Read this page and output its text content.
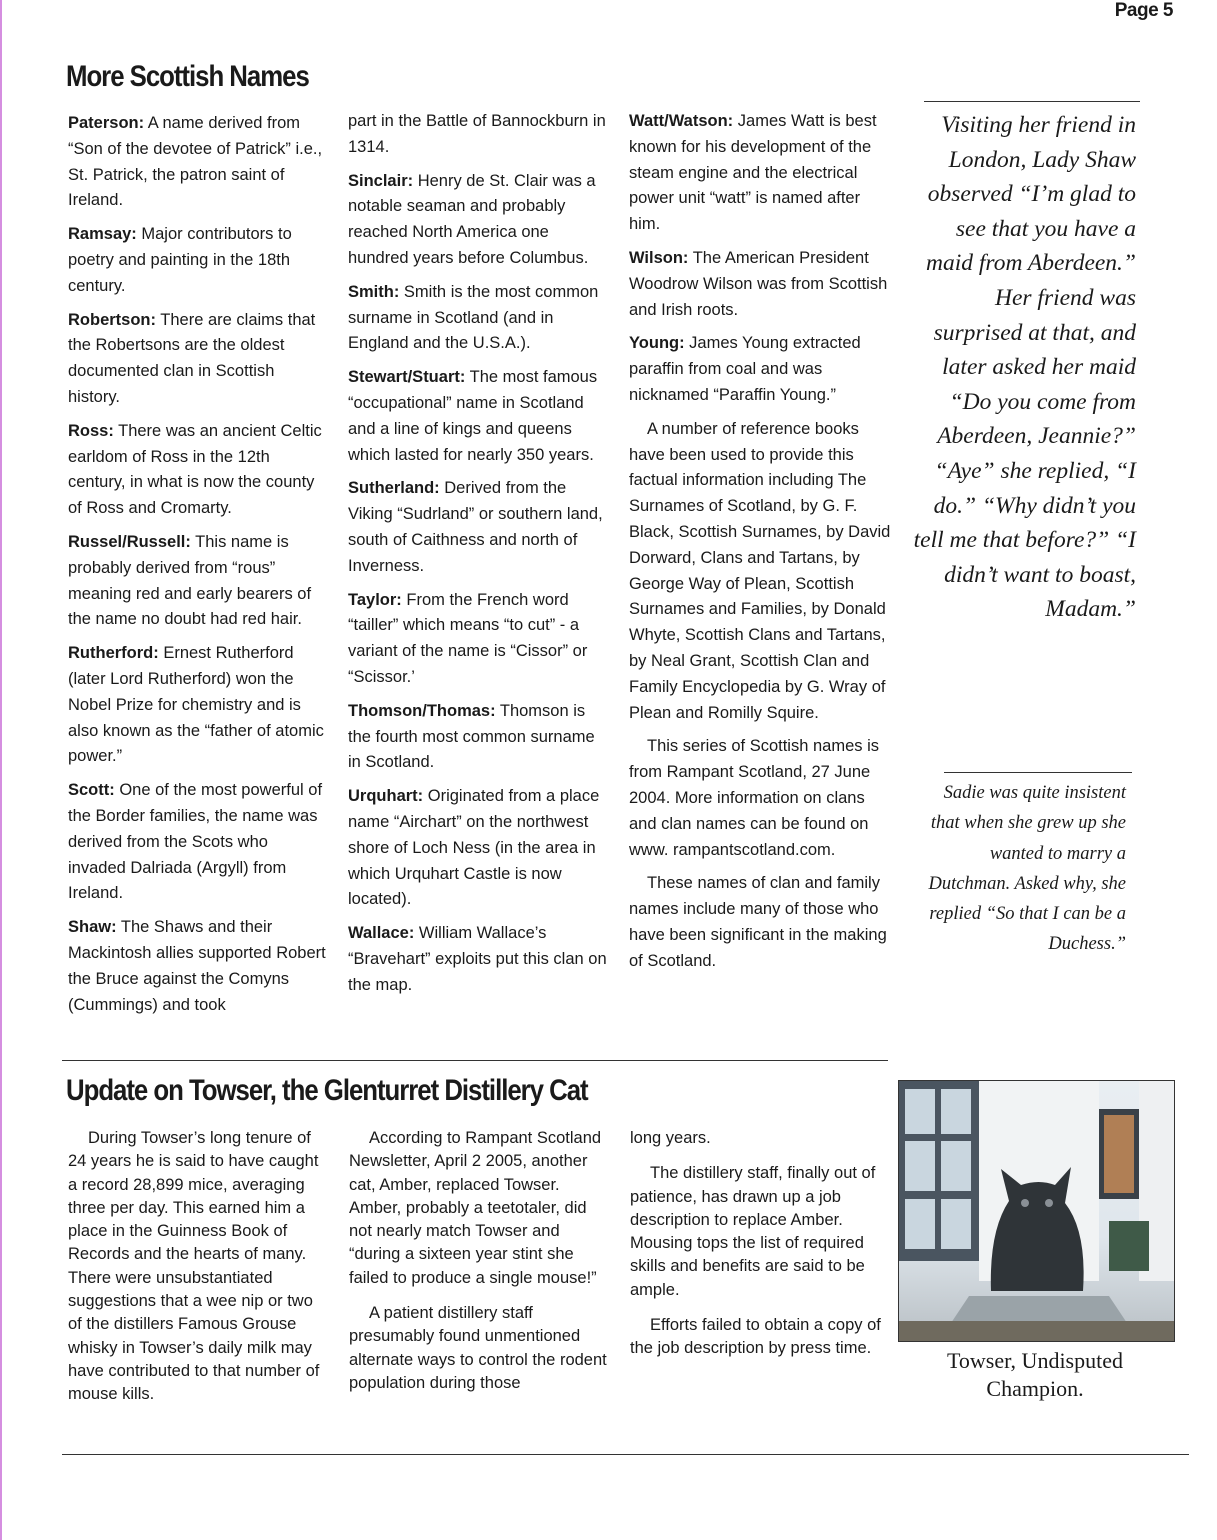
Page 5
More Scottish Names

Paterson: A name derived from “Son of the devotee of Patrick” i.e., St. Patrick, the patron saint of Ireland.

Ramsay: Major contributors to poetry and painting in the 18th century.

Robertson: There are claims that the Robertsons are the oldest documented clan in Scottish history.

Ross: There was an ancient Celtic earldom of Ross in the 12th century, in what is now the county of Ross and Cromarty.

Russel/Russell: This name is probably derived from “rous” meaning red and early bearers of the name no doubt had red hair.

Rutherford: Ernest Rutherford (later Lord Rutherford) won the Nobel Prize for chemistry and is also known as the “father of atomic power.”

Scott: One of the most powerful of the Border families, the name was derived from the Scots who invaded Dalriada (Argyll) from Ireland.

Shaw: The Shaws and their Mackintosh allies supported Robert the Bruce against the Comyns (Cummings) and took

part in the Battle of Bannockburn in 1314.

Sinclair: Henry de St. Clair was a notable seaman and probably reached North America one hundred years before Columbus.

Smith: Smith is the most common surname in Scotland (and in England and the U.S.A.).

Stewart/Stuart: The most famous “occupational” name in Scotland and a line of kings and queens which lasted for nearly 350 years.

Sutherland: Derived from the Viking “Sudrland” or southern land, south of Caithness and north of Inverness.

Taylor: From the French word “tailler” which means “to cut” - a variant of the name is “Cissor” or “Scissor.’

Thomson/Thomas: Thomson is the fourth most common surname in Scotland.

Urquhart: Originated from a place name “Airchart” on the northwest shore of Loch Ness (in the area in which Urquhart Castle is now located).

Wallace: William Wallace’s “Bravehart” exploits put this clan on the map.

Watt/Watson: James Watt is best known for his development of the steam engine and the electrical power unit “watt” is named after him.

Wilson: The American President Woodrow Wilson was from Scottish and Irish roots.

Young: James Young extracted paraffin from coal and was nicknamed “Paraffin Young.”

A number of reference books have been used to provide this factual information including The Surnames of Scotland, by G. F. Black, Scottish Surnames, by David Dorward, Clans and Tartans, by George Way of Plean, Scottish Surnames and Families, by Donald Whyte, Scottish Clans and Tartans, by Neal Grant, Scottish Clan and Family Encyclopedia by G. Wray of Plean and Romilly Squire.

This series of Scottish names is from Rampant Scotland, 27 June 2004. More information on clans and clan names can be found on www. rampantscotland.com.

These names of clan and family names include many of those who have been significant in the making of Scotland.

Visiting her friend in London, Lady Shaw observed “I’m glad to see that you have a maid from Aberdeen.” Her friend was surprised at that, and later asked her maid “Do you come from Aberdeen, Jeannie?” “Aye” she replied, “I do.” “Why didn’t you tell me that before?” “I didn’t want to boast, Madam.”

Sadie was quite insistent that when she grew up she wanted to marry a Dutchman. Asked why, she replied “So that I can be a Duchess.”

Update on Towser, the Glenturret Distillery Cat

During Towser’s long tenure of 24 years he is said to have caught a record 28,899 mice, averaging three per day. This earned him a place in the Guinness Book of Records and the hearts of many. There were unsubstantiated suggestions that a wee nip or two of the distillers Famous Grouse whisky in Towser’s daily milk may have contributed to that number of mouse kills.

According to Rampant Scotland Newsletter, April 2 2005, another cat, Amber, replaced Towser. Amber, probably a teetotaler, did not nearly match Towser and “during a sixteen year stint she failed to produce a single mouse!”

A patient distillery staff presumably found unmentioned alternate ways to control the rodent population during those

long years.

The distillery staff, finally out of patience, has drawn up a job description to replace Amber. Mousing tops the list of required skills and benefits are said to be ample.

Efforts failed to obtain a copy of the job description by press time.	Towser, Undisputed Champion.
